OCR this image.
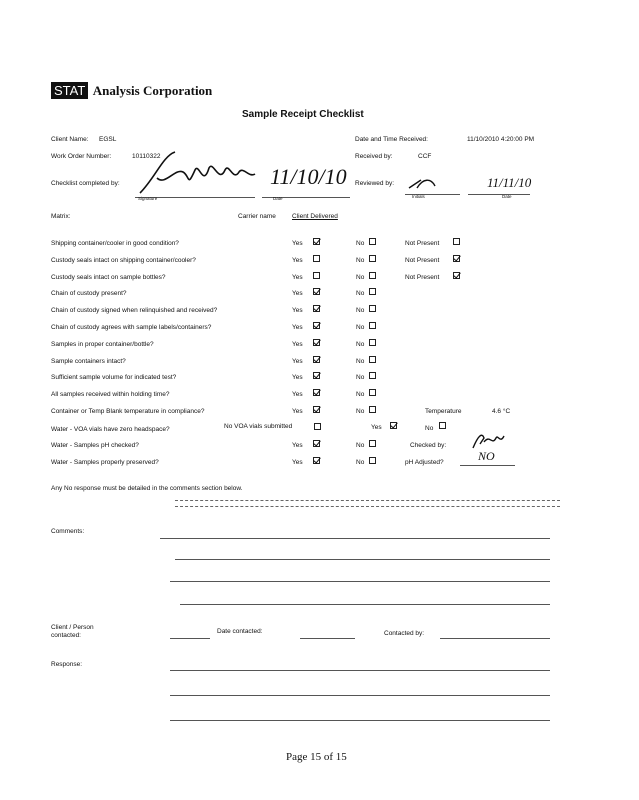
STAT Analysis Corporation
Sample Receipt Checklist
Client Name: EGSL
Work Order Number:	10110322
Date and Time Received:	11/10/2010 4:20:00 PM
Received by:	CCF
Checklist completed by:
Signature
11/10/10
Date
Reviewed by:
Initials
11/11/10
Date
Matrix:	Carrier name Client Delivered
Shipping container/cooler in good condition?	Yes	No	Not Present
Custody seals intact on shipping container/cooler?	Yes	No	Not Present
Custody seals intact on sample bottles?	Yes	No	Not Present
Chain of custody present?	Yes	No
Chain of custody signed when relinquished and received?	Yes	No
Chain of custody agrees with sample labels/containers?	Yes	No
Samples in proper container/bottle?	Yes	No
Sample containers intact?	Yes	No
Sufficient sample volume for indicated test?	Yes	No
All samples received within holding time?	Yes	No
Container or Temp Blank temperature in compliance?	Yes	No	Temperature	4.6 °C
Water - VOA vials have zero headspace?	No VOA vials submitted	Yes	No
Water - Samples pH checked?	Yes	No	Checked by:
Water - Samples properly preserved?	Yes	No	pH Adjusted?	NO
Any No response must be detailed in the comments section below.
Comments:
Client / Person
contacted:
Date contacted:	Contacted by:
Response:
Page 15 of 15
